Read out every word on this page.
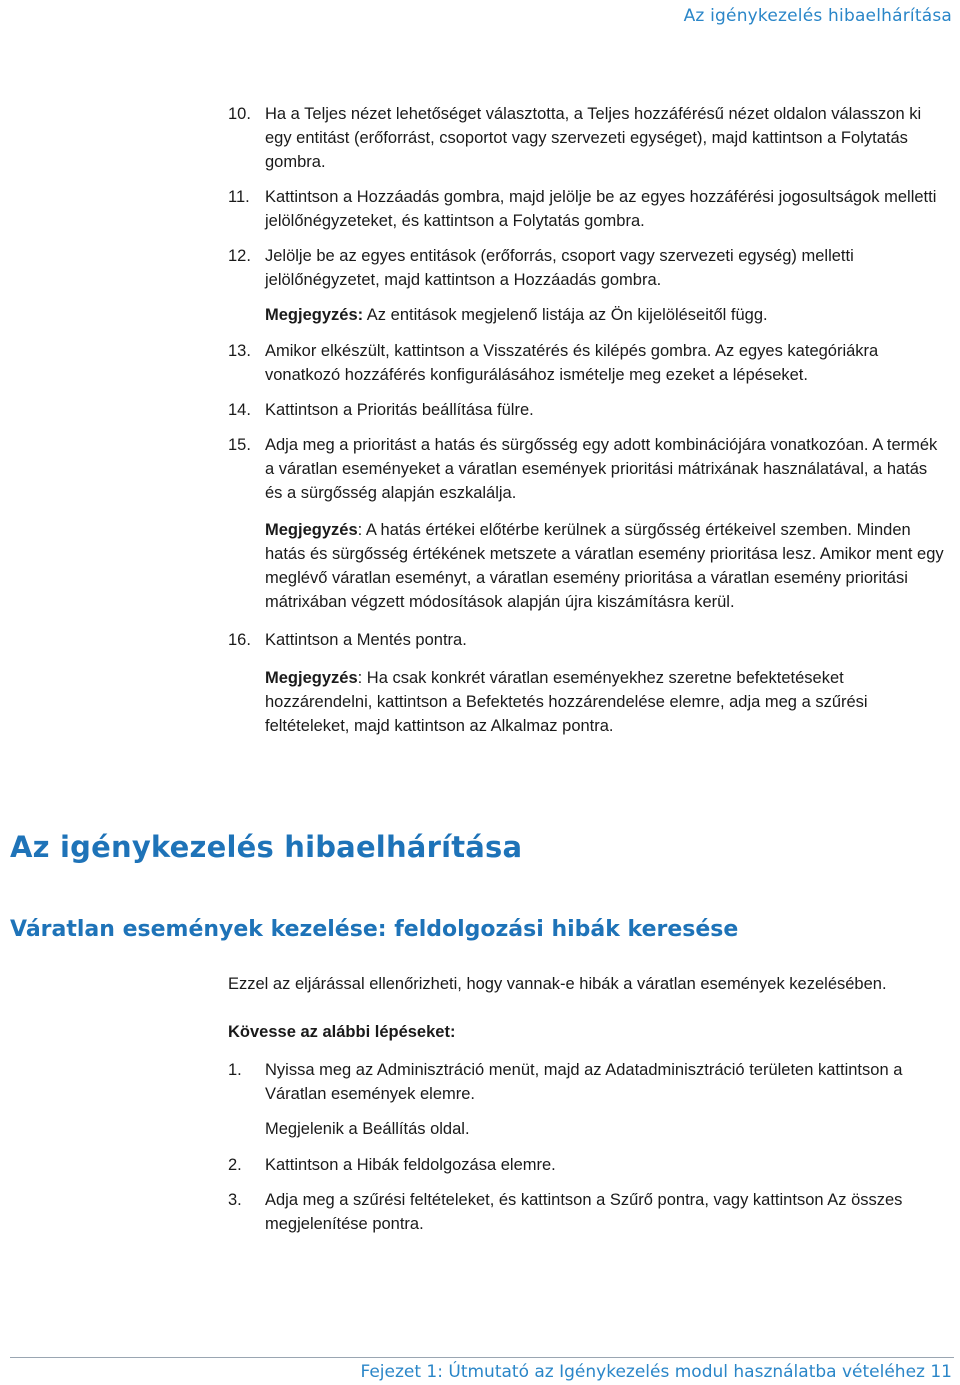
Az igénykezelés hibaelhárítása
10. Ha a Teljes nézet lehetőséget választotta, a Teljes hozzáférésű nézet oldalon válasszon ki egy entitást (erőforrást, csoportot vagy szervezeti egységet), majd kattintson a Folytatás gombra.
11. Kattintson a Hozzáadás gombra, majd jelölje be az egyes hozzáférési jogosultságok melletti jelölőnégyzeteket, és kattintson a Folytatás gombra.
12. Jelölje be az egyes entitások (erőforrás, csoport vagy szervezeti egység) melletti jelölőnégyzetet, majd kattintson a Hozzáadás gombra.
Megjegyzés: Az entitások megjelenő listája az Ön kijelöléseitől függ.
13. Amikor elkészült, kattintson a Visszatérés és kilépés gombra. Az egyes kategóriákra vonatkozó hozzáférés konfigurálásához ismételje meg ezeket a lépéseket.
14. Kattintson a Prioritás beállítása fülre.
15. Adja meg a prioritást a hatás és sürgősség egy adott kombinációjára vonatkozóan. A termék a váratlan eseményeket a váratlan események prioritási mátrixának használatával, a hatás és a sürgősség alapján eszkalálja.
Megjegyzés: A hatás értékei előtérbe kerülnek a sürgősség értékeivel szemben. Minden hatás és sürgősség értékének metszete a váratlan esemény prioritása lesz. Amikor ment egy meglévő váratlan eseményt, a váratlan esemény prioritása a váratlan esemény prioritási mátrixában végzett módosítások alapján újra kiszámításra kerül.
16. Kattintson a Mentés pontra.
Megjegyzés: Ha csak konkrét váratlan eseményekhez szeretne befektetéseket hozzárendelni, kattintson a Befektetés hozzárendelése elemre, adja meg a szűrési feltételeket, majd kattintson az Alkalmaz pontra.
Az igénykezelés hibaelhárítása
Váratlan események kezelése: feldolgozási hibák keresése

Ezzel az eljárással ellenőrizheti, hogy vannak-e hibák a váratlan események kezelésében.

Kövesse az alábbi lépéseket:

1. Nyissa meg az Adminisztráció menüt, majd az Adatadminisztráció területen kattintson a Váratlan események elemre.
Megjelenik a Beállítás oldal.
2. Kattintson a Hibák feldolgozása elemre.
3. Adja meg a szűrési feltételeket, és kattintson a Szűrő pontra, vagy kattintson Az összes megjelenítése pontra.
Fejezet 1: Útmutató az Igénykezelés modul használatba vételéhez 11
